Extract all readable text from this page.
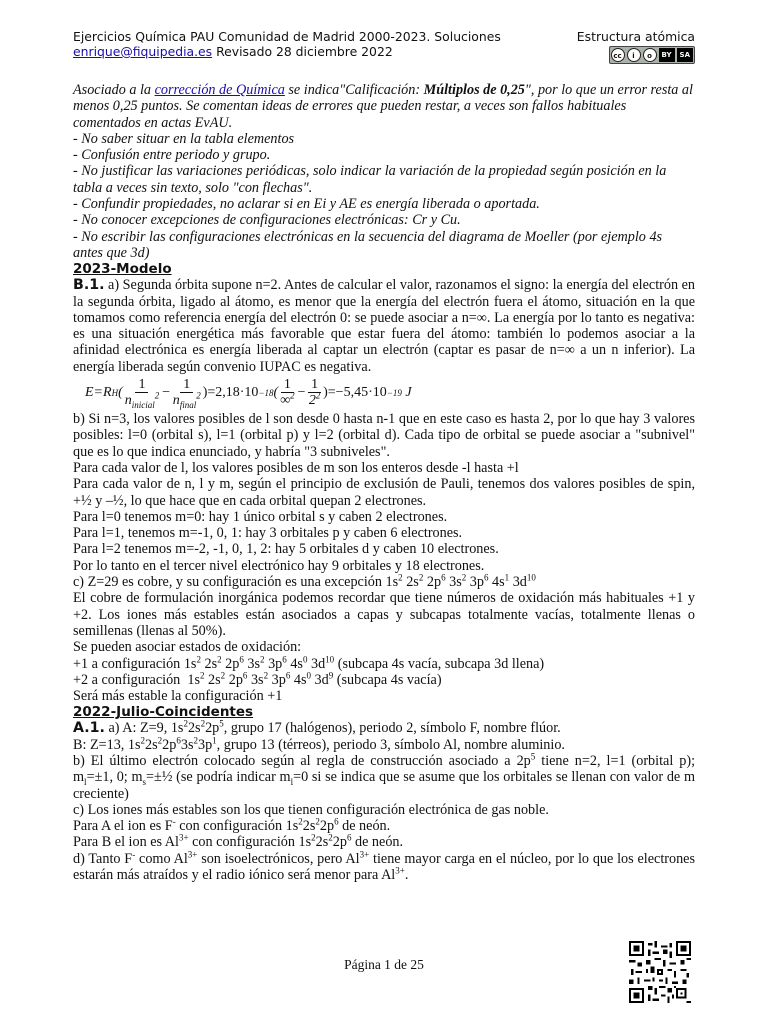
Ejercicios Química PAU Comunidad de Madrid 2000-2023. Soluciones	Estructura atómica
enrique@fiquipedia.es Revisado 28 diciembre 2022	cc	i	o	BY	SA

Asociado a la corrección de Química se indica"Calificación: Múltiplos de 0,25", por lo que un error resta al menos 0,25 puntos. Se comentan ideas de errores que pueden restar, a veces son fallos habituales comentados en actas EvAU.

- No saber situar en la tabla elementos

- Confusión entre periodo y grupo.

- No justificar las variaciones periódicas, solo indicar la variación de la propiedad según posición en la tabla a veces sin texto, solo "con flechas".

- Confundir propiedades, no aclarar si en Ei y AE es energía liberada o aportada.

- No conocer excepciones de configuraciones electrónicas: Cr y Cu.

- No escribir las configuraciones electrónicas en la secuencia del diagrama de Moeller (por ejemplo 4s antes que 3d)

2023-Modelo

B.1. a) Segunda órbita supone n=2. Antes de calcular el valor, razonamos el signo: la energía del electrón en la segunda órbita, ligado al átomo, es menor que la energía del electrón fuera el átomo, situación en la que tomamos como referencia energía del electrón 0: se puede asociar a n=∞. La energía por lo tanto es negativa: es una situación energética más favorable que estar fuera del átomo: también lo podemos asociar a la afinidad electrónica es energía liberada al captar un electrón (captar es pasar de n=∞ a un n inferior). La energía liberada según convenio IUPAC es negativa.

E=R H ( $\frac{1}{n_{inicial}^2} - \frac{1}{n_{final}^2} )=2,18\cdot 10 -18$ ( $\frac{1}{\infty^2} - \frac{1}{2^2} )=-5,45\cdot 10 -19$
J

b) Si n=3, los valores posibles de l son desde 0 hasta n-1 que en este caso es hasta 2, por lo que hay 3 valores posibles: l=0 (orbital s), l=1 (orbital p) y l=2 (orbital d). Cada tipo de orbital se puede asociar a "subnivel" que es lo que indica enunciado, y habría "3 subniveles".

Para cada valor de l, los valores posibles de m son los enteros desde -l hasta +l

Para cada valor de n, l y m, según el principio de exclusión de Pauli, tenemos dos valores posibles de spin, +½ y –½, lo que hace que en cada orbital quepan 2 electrones.

Para l=0 tenemos m=0: hay 1 único orbital s y caben 2 electrones.

Para l=1, tenemos m=-1, 0, 1: hay 3 orbitales p y caben 6 electrones.

Para l=2 tenemos m=-2, -1, 0, 1, 2: hay 5 orbitales d y caben 10 electrones.

Por lo tanto en el tercer nivel electrónico hay 9 orbitales y 18 electrones.

c) Z=29 es cobre, y su configuración es una excepción $1s^2$ $2s^2$ $2p^6$ $3s^2$ $3p^6$ $4s^1$ $3d^{10}$

El cobre de formulación inorgánica podemos recordar que tiene números de oxidación más habituales +1 y +2. Los iones más estables están asociados a capas y subcapas totalmente vacías, totalmente llenas o semillenas (llenas al 50%).

Se pueden asociar estados de oxidación:

+1 a configuración $1s^2$ $2s^2$ $2p^6$ $3s^2$ $3p^6$ $4s^0$ $3d^{10}$ (subcapa 4s vacía, subcapa 3d llena)

+2 a configuración  $1s^2$ $2s^2$ $2p^6$ $3s^2$ $3p^6$ $4s^0$ $3d^9$ (subcapa 4s vacía)

Será más estable la configuración +1

2022-Julio-Coincidentes

A.1. a) A: Z=9, $1s^22s^22p^5$, grupo 17 (halógenos), periodo 2, símbolo F, nombre flúor.

B: Z=13, $1s^22s^22p^63s^23p^1$, grupo 13 (térreos), periodo 3, símbolo Al, nombre aluminio.

b) El último electrón colocado según al regla de construcción asociado a $2p^5$ tiene n=2, l=1 (orbital p); $m_l=\pm 1$, 0; $m_s=\pm\frac{1}{2}$ (se podría indicar $m_l=0$ si se indica que se asume que los orbitales se llenan con valor de m creciente)

c) Los iones más estables son los que tienen configuración electrónica de gas noble.

Para A el ion es F- con configuración $1s^22s^22p^6$ de neón.

Para B el ion es $Al^{3+}$ con configuración $1s^22s^22p^6$ de neón.

d) Tanto F- como $Al^{3+}$ son isoelectrónicos, pero $Al^{3+}$ tiene mayor carga en el núcleo, por lo que los electrones estarán más atraídos y el radio iónico será menor para $Al^{3+}$.

Página 1 de 25
